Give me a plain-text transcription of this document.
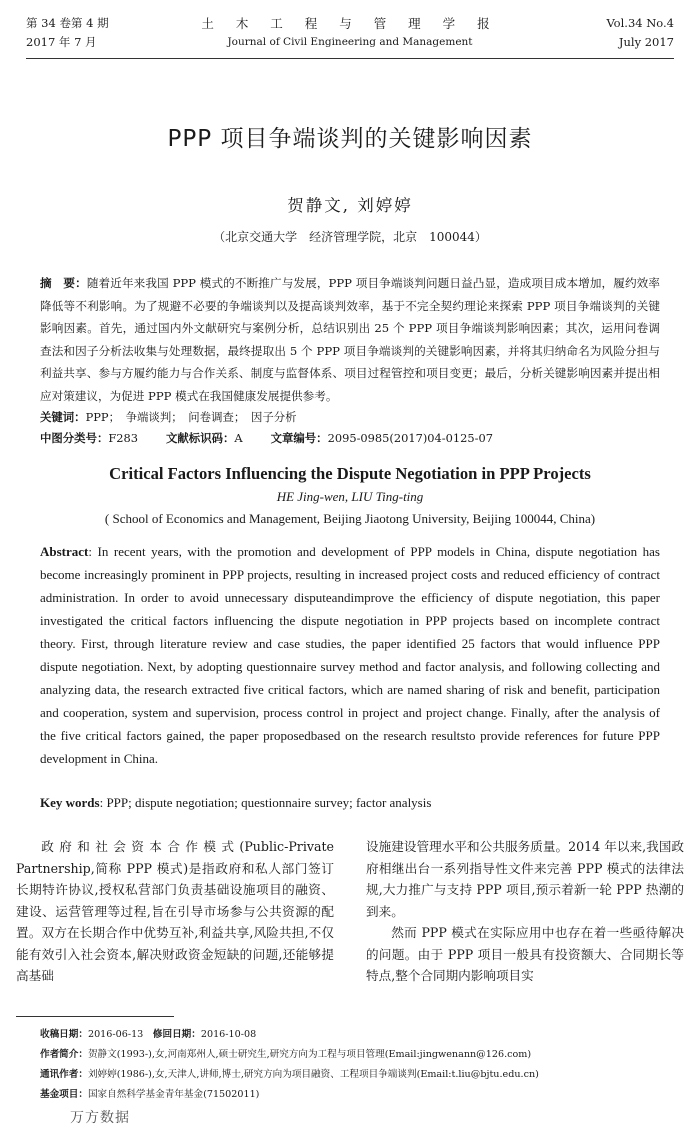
第 34 卷第 4 期
2017 年 7 月
土 木 工 程 与 管 理 学 报
Journal of Civil Engineering and Management
Vol.34 No.4
July 2017
PPP 项目争端谈判的关键影响因素
贺静文, 刘婷婷
（北京交通大学　经济管理学院，北京　100044）
摘　要：随着近年来我国 PPP 模式的不断推广与发展，PPP 项目争端谈判问题日益凸显，造成项目成本增加，履约效率降低等不利影响。为了规避不必要的争端谈判以及提高谈判效率，基于不完全契约理论来探索 PPP 项目争端谈判的关键影响因素。首先，通过国内外文献研究与案例分析，总结识别出 25 个 PPP 项目争端谈判影响因素；其次，运用问卷调查法和因子分析法收集与处理数据，最终提取出 5 个 PPP 项目争端谈判的关键影响因素，并将其归纳命名为风险分担与利益共享、参与方履约能力与合作关系、制度与监督体系、项目过程管控和项目变更；最后，分析关键影响因素并提出相应对策建议，为促进 PPP 模式在我国健康发展提供参考。
关键词：PPP；　争端谈判；　问卷调查；　因子分析
中图分类号：F283 文献标识码：A 文章编号：2095-0985(2017)04-0125-07
Critical Factors Influencing the Dispute Negotiation in PPP Projects
HE Jing-wen, LIU Ting-ting
( School of Economics and Management, Beijing Jiaotong University, Beijing 100044, China)
Abstract: In recent years, with the promotion and development of PPP models in China, dispute negotiation has become increasingly prominent in PPP projects, resulting in increased project costs and reduced efficiency of contract administration. In order to avoid unnecessary disputeandimprove the efficiency of dispute negotiation, this paper investigated the critical factors influencing the dispute negotiation in PPP projects based on incomplete contract theory. First, through literature review and case studies, the paper identified 25 factors that would influence PPP dispute negotiation. Next, by adopting questionnaire survey method and factor analysis, and following collecting and analyzing data, the research extracted five critical factors, which are named sharing of risk and benefit, participation and cooperation, system and supervision, process control in project and project change. Finally, after the analysis of the five critical factors gained, the paper proposedbased on the research resultsto provide references for future PPP development in China.
Key words: PPP; dispute negotiation; questionnaire survey; factor analysis

政府和社会资本合作模式(Public-Private Partnership,简称 PPP 模式)是指政府和私人部门签订长期特许协议,授权私营部门负责基础设施项目的融资、建设、运营管理等过程,旨在引导市场参与公共资源的配置。双方在长期合作中优势互补,利益共享,风险共担,不仅能有效引入社会资本,解决财政资金短缺的问题,还能够提高基础

设施建设管理水平和公共服务质量。2014 年以来,我国政府相继出台一系列指导性文件来完善 PPP 模式的法律法规,大力推广与支持 PPP 项目,预示着新一轮 PPP 热潮的到来。

然而 PPP 模式在实际应用中也存在着一些亟待解决的问题。由于 PPP 项目一般具有投资额大、合同期长等特点,整个合同期内影响项目实

收稿日期：2016-06-13　 修回日期：2016-10-08
作者简介：贺静文(1993-),女,河南郑州人,硕士研究生,研究方向为工程与项目管理(Email:jingwenann@126.com)
通讯作者：刘婷婷(1986-),女,天津人,讲师,博士,研究方向为项目融资、工程项目争端谈判(Email:t.liu@bjtu.edu.cn)
基金项目：国家自然科学基金青年基金(71502011)
万方数据
